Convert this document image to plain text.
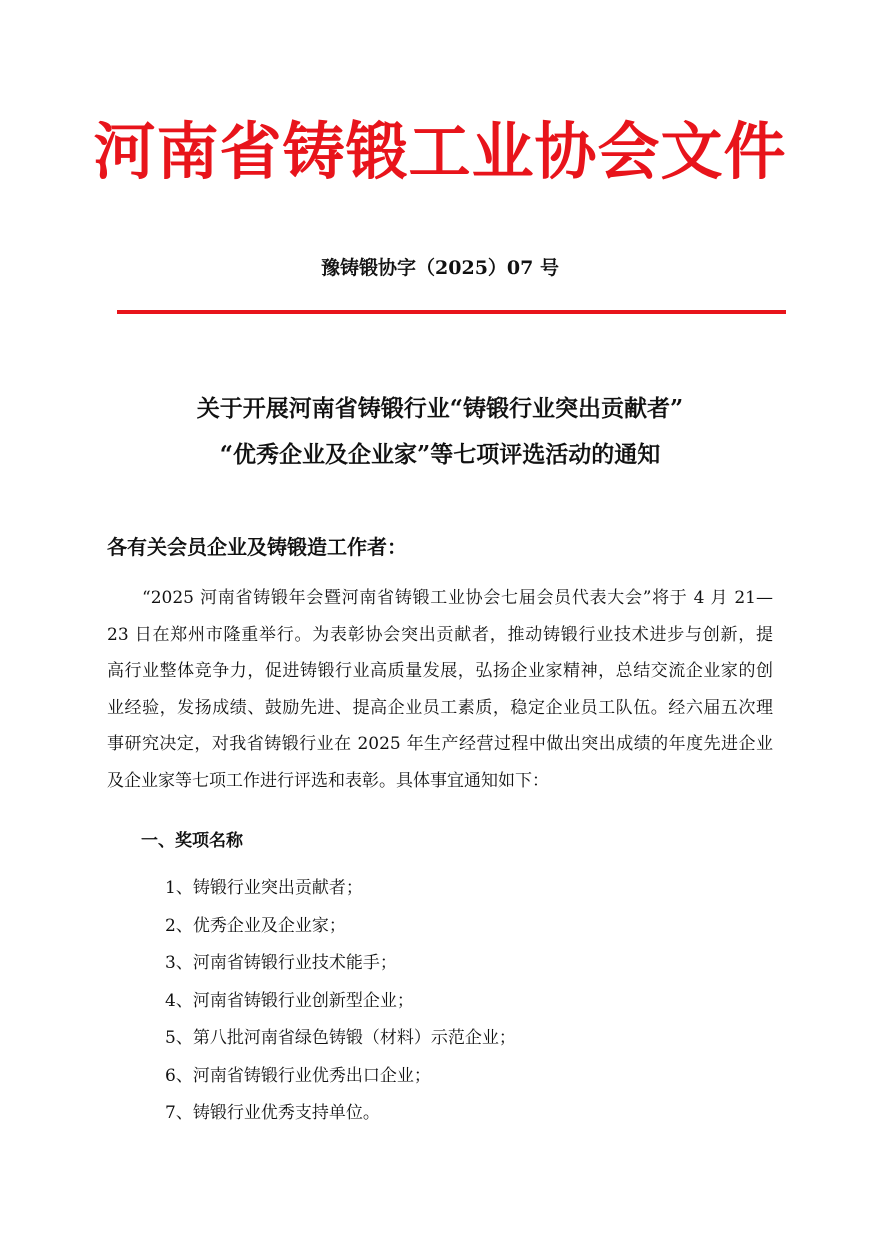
河南省铸锻工业协会文件
豫铸锻协字（2025）07 号
关于开展河南省铸锻行业“铸锻行业突出贡献者”
“优秀企业及企业家”等七项评选活动的通知
各有关会员企业及铸锻造工作者：
“2025 河南省铸锻年会暨河南省铸锻工业协会七届会员代表大会”将于 4 月 21—
23 日在郑州市隆重举行。为表彰协会突出贡献者，推动铸锻行业技术进步与创新，提
高行业整体竞争力，促进铸锻行业高质量发展，弘扬企业家精神，总结交流企业家的创
业经验，发扬成绩、鼓励先进、提高企业员工素质，稳定企业员工队伍。经六届五次理
事研究决定，对我省铸锻行业在 2025 年生产经营过程中做出突出成绩的年度先进企业
及企业家等七项工作进行评选和表彰。具体事宜通知如下：
一、奖项名称
1、铸锻行业突出贡献者；
2、优秀企业及企业家；
3、河南省铸锻行业技术能手；
4、河南省铸锻行业创新型企业；
5、第八批河南省绿色铸锻（材料）示范企业；
6、河南省铸锻行业优秀出口企业；
7、铸锻行业优秀支持单位。
